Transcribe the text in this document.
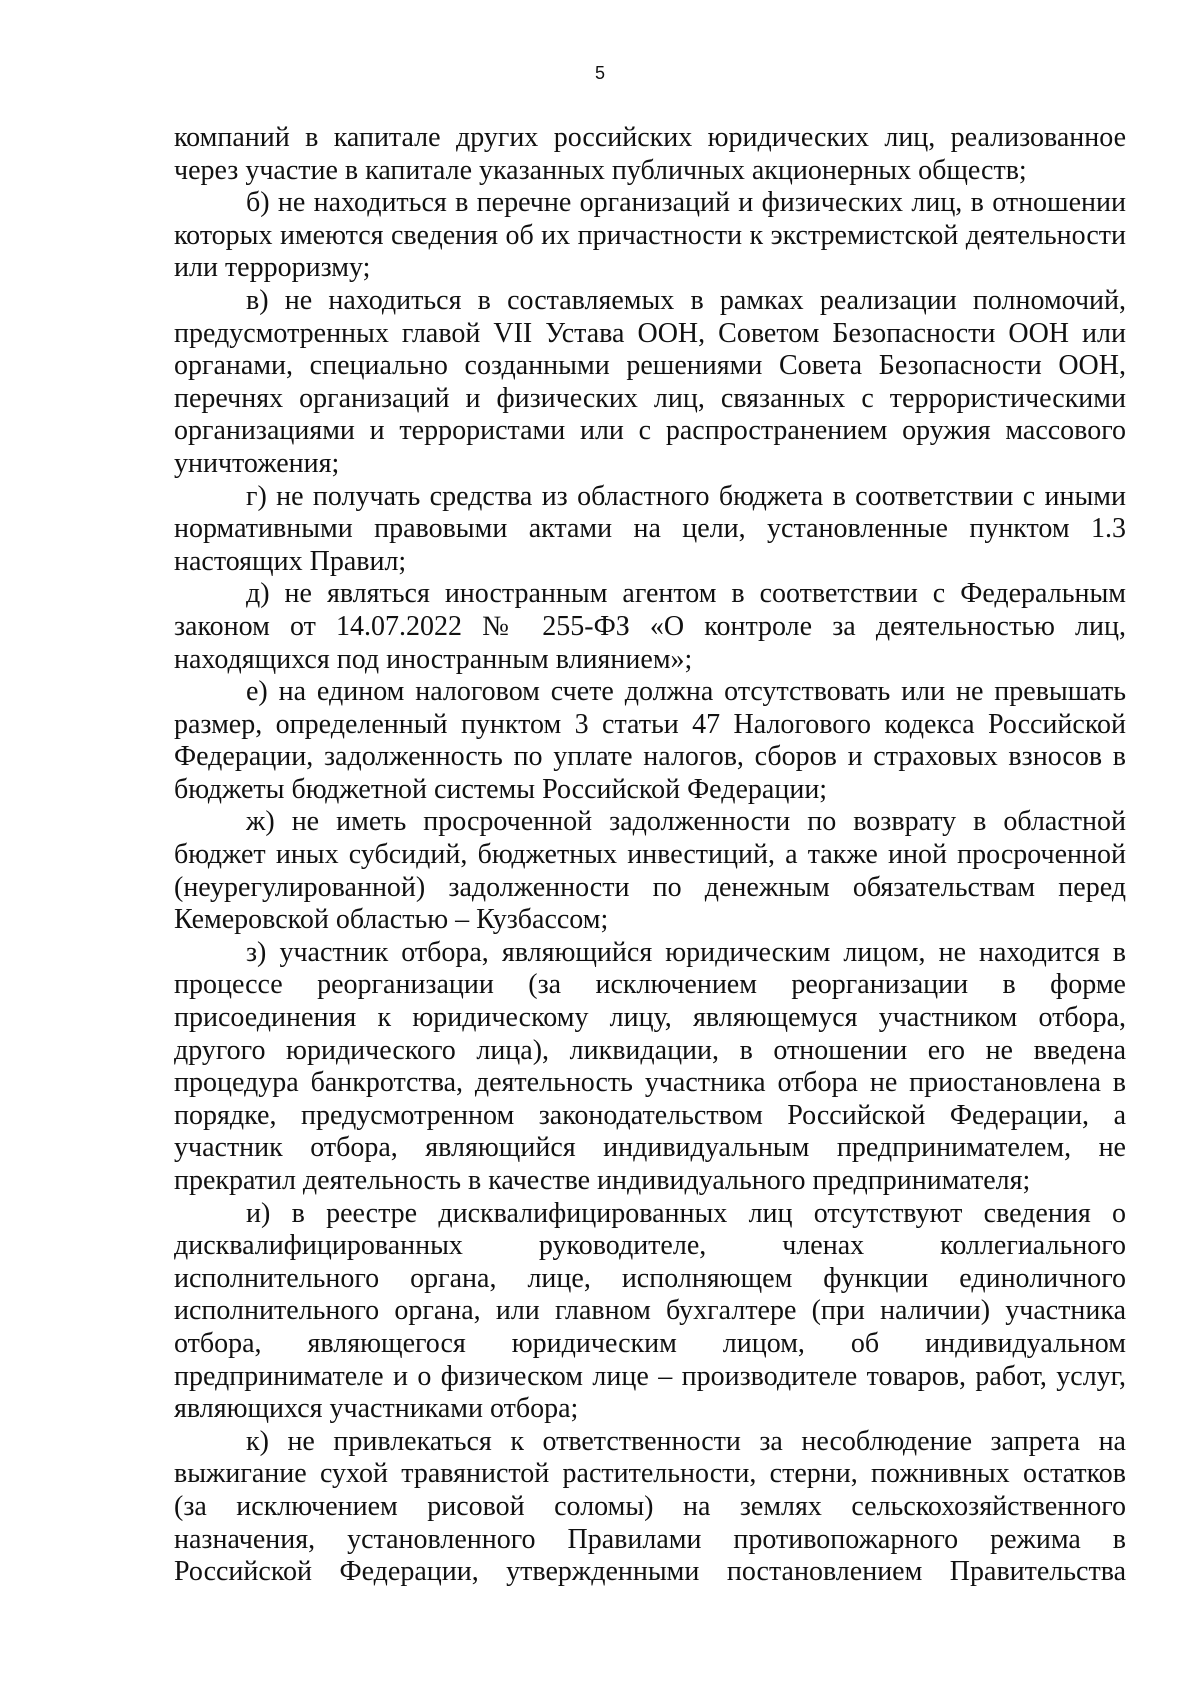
5

компаний в капитале других российских юридических лиц, реализованное через участие в капитале указанных публичных акционерных обществ;

б) не находиться в перечне организаций и физических лиц, в отношении которых имеются сведения об их причастности к экстремистской деятельности или терроризму;

в) не находиться в составляемых в рамках реализации полномочий, предусмотренных главой VII Устава ООН, Советом Безопасности ООН или органами, специально созданными решениями Совета Безопасности ООН, перечнях организаций и физических лиц, связанных с террористическими организациями и террористами или с распространением оружия массового уничтожения;

г) не получать средства из областного бюджета в соответствии с иными нормативными правовыми актами на цели, установленные пунктом 1.3 настоящих Правил;

д) не являться иностранным агентом в соответствии с Федеральным законом от 14.07.2022 № 255-ФЗ «О контроле за деятельностью лиц, находящихся под иностранным влиянием»;

е) на едином налоговом счете должна отсутствовать или не превышать размер, определенный пунктом 3 статьи 47 Налогового кодекса Российской Федерации, задолженность по уплате налогов, сборов и страховых взносов в бюджеты бюджетной системы Российской Федерации;

ж) не иметь просроченной задолженности по возврату в областной бюджет иных субсидий, бюджетных инвестиций, а также иной просроченной (неурегулированной) задолженности по денежным обязательствам перед Кемеровской областью – Кузбассом;

з) участник отбора, являющийся юридическим лицом, не находится в процессе реорганизации (за исключением реорганизации в форме присоединения к юридическому лицу, являющемуся участником отбора, другого юридического лица), ликвидации, в отношении его не введена процедура банкротства, деятельность участника отбора не приостановлена в порядке, предусмотренном законодательством Российской Федерации, а участник отбора, являющийся индивидуальным предпринимателем, не прекратил деятельность в качестве индивидуального предпринимателя;

и) в реестре дисквалифицированных лиц отсутствуют сведения о дисквалифицированных руководителе, членах коллегиального исполнительного органа, лице, исполняющем функции единоличного исполнительного органа, или главном бухгалтере (при наличии) участника отбора, являющегося юридическим лицом, об индивидуальном предпринимателе и о физическом лице – производителе товаров, работ, услуг, являющихся участниками отбора;

к) не привлекаться к ответственности за несоблюдение запрета на выжигание сухой травянистой растительности, стерни, пожнивных остатков (за исключением рисовой соломы) на землях сельскохозяйственного назначения, установленного Правилами противопожарного режима в Российской Федерации, утвержденными постановлением Правительства
